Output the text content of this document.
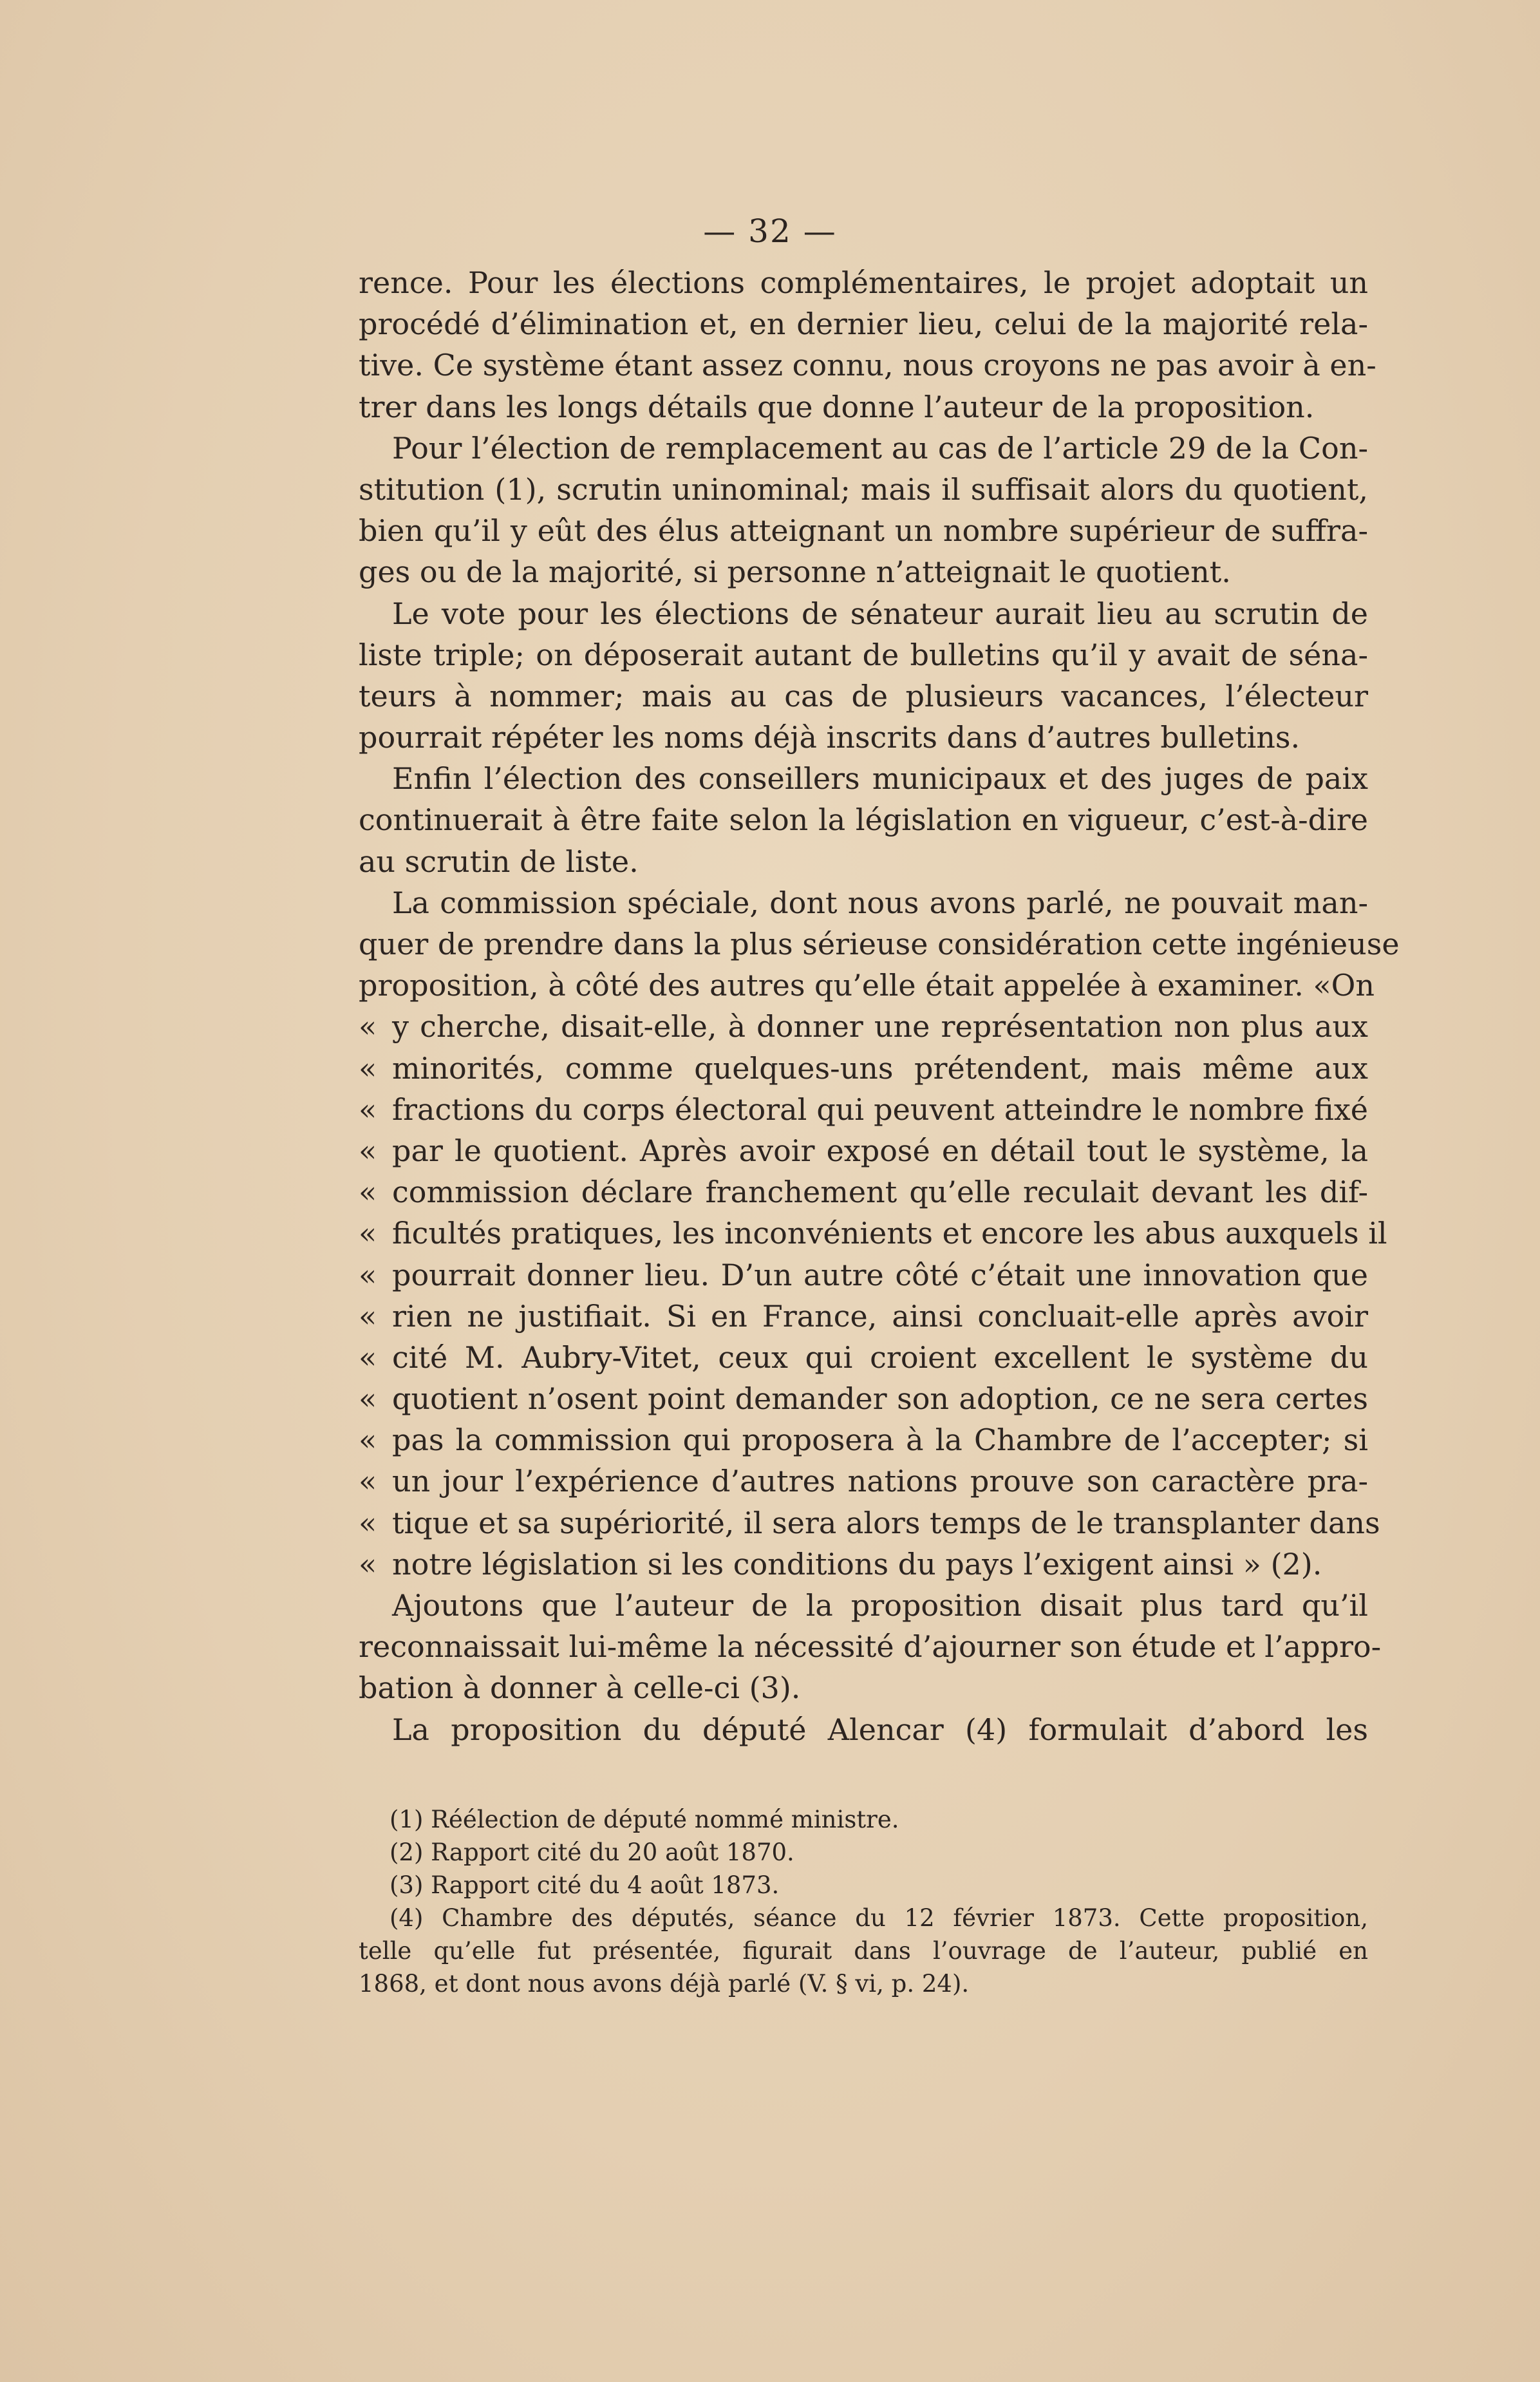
— 32 —
rence. Pour les élections complémentaires, le projet adoptait un
procédé d’élimination et, en dernier lieu, celui de la majorité rela-
tive. Ce système étant assez connu, nous croyons ne pas avoir à en-
trer dans les longs détails que donne l’auteur de la proposition.
Pour l’élection de remplacement au cas de l’article 29 de la Con-
stitution (1), scrutin uninominal; mais il suffisait alors du quotient,
bien qu’il y eût des élus atteignant un nombre supérieur de suffra-
ges ou de la majorité, si personne n’atteignait le quotient.
Le vote pour les élections de sénateur aurait lieu au scrutin de
liste triple; on déposerait autant de bulletins qu’il y avait de séna-
teurs à nommer; mais au cas de plusieurs vacances, l’électeur
pourrait répéter les noms déjà inscrits dans d’autres bulletins.
Enfin l’élection des conseillers municipaux et des juges de paix
continuerait à être faite selon la législation en vigueur, c’est-à-dire
au scrutin de liste.
La commission spéciale, dont nous avons parlé, ne pouvait man-
quer de prendre dans la plus sérieuse considération cette ingénieuse
proposition, à côté des autres qu’elle était appelée à examiner. «On
« y cherche, disait-elle, à donner une représentation non plus aux
« minorités, comme quelques-uns prétendent, mais même aux
« fractions du corps électoral qui peuvent atteindre le nombre fixé
« par le quotient. Après avoir exposé en détail tout le système, la
« commission déclare franchement qu’elle reculait devant les dif-
« ficultés pratiques, les inconvénients et encore les abus auxquels il
« pourrait donner lieu. D’un autre côté c’était une innovation que
« rien ne justifiait. Si en France, ainsi concluait-elle après avoir
« cité M. Aubry-Vitet, ceux qui croient excellent le système du
« quotient n’osent point demander son adoption, ce ne sera certes
« pas la commission qui proposera à la Chambre de l’accepter; si
« un jour l’expérience d’autres nations prouve son caractère pra-
« tique et sa supériorité, il sera alors temps de le transplanter dans
« notre législation si les conditions du pays l’exigent ainsi » (2).
Ajoutons que l’auteur de la proposition disait plus tard qu’il
reconnaissait lui-même la nécessité d’ajourner son étude et l’appro-
bation à donner à celle-ci (3).
La proposition du député Alencar (4) formulait d’abord les
(1) Réélection de député nommé ministre.
(2) Rapport cité du 20 août 1870.
(3) Rapport cité du 4 août 1873.
(4) Chambre des députés, séance du 12 février 1873. Cette proposition,
telle qu’elle fut présentée, figurait dans l’ouvrage de l’auteur, publié en
1868, et dont nous avons déjà parlé (V. § vi, p. 24).
